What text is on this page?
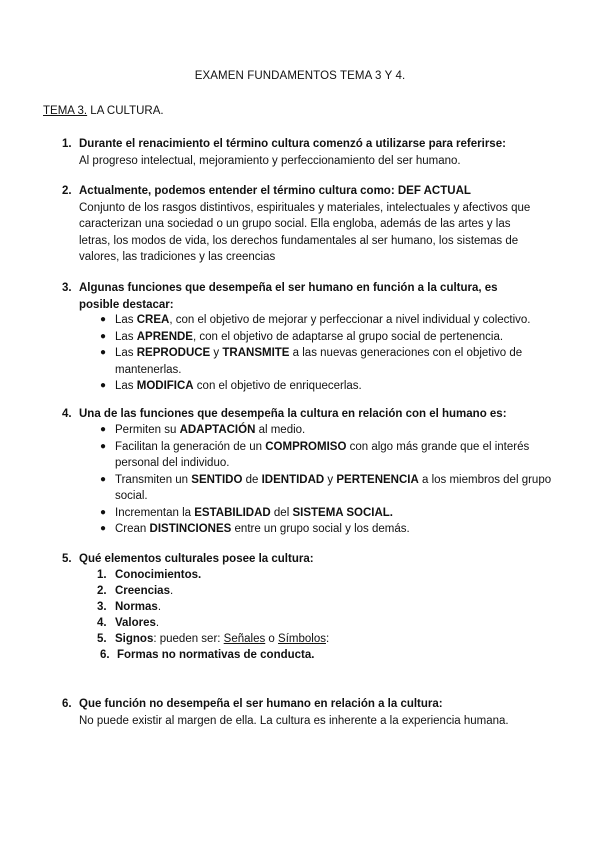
EXAMEN FUNDAMENTOS TEMA 3 Y 4.
TEMA 3. LA CULTURA.
1. Durante el renacimiento el término cultura comenzó a utilizarse para referirse:
Al progreso intelectual, mejoramiento y perfeccionamiento del ser humano.
2. Actualmente, podemos entender el término cultura como: DEF ACTUAL
Conjunto de los rasgos distintivos, espirituales y materiales, intelectuales y afectivos que caracterizan una sociedad o un grupo social. Ella engloba, además de las artes y las letras, los modos de vida, los derechos fundamentales al ser humano, los sistemas de valores, las tradiciones y las creencias
3. Algunas funciones que desempeña el ser humano en función a la cultura, es posible destacar:
● Las CREA, con el objetivo de mejorar y perfeccionar a nivel individual y colectivo.
● Las APRENDE, con el objetivo de adaptarse al grupo social de pertenencia.
● Las REPRODUCE y TRANSMITE a las nuevas generaciones con el objetivo de mantenerlas.
● Las MODIFICA con el objetivo de enriquecerlas.
4. Una de las funciones que desempeña la cultura en relación con el humano es:
● Permiten su ADAPTACIÓN al medio.
● Facilitan la generación de un COMPROMISO con algo más grande que el interés personal del individuo.
● Transmiten un SENTIDO de IDENTIDAD y PERTENENCIA a los miembros del grupo social.
● Incrementan la ESTABILIDAD del SISTEMA SOCIAL.
● Crean DISTINCIONES entre un grupo social y los demás.
5. Qué elementos culturales posee la cultura:
1. Conocimientos.
2. Creencias.
3. Normas.
4. Valores.
5. Signos: pueden ser: Señales o Símbolos:
6. Formas no normativas de conducta.
6. Que función no desempeña el ser humano en relación a la cultura:
No puede existir al margen de ella. La cultura es inherente a la experiencia humana.
